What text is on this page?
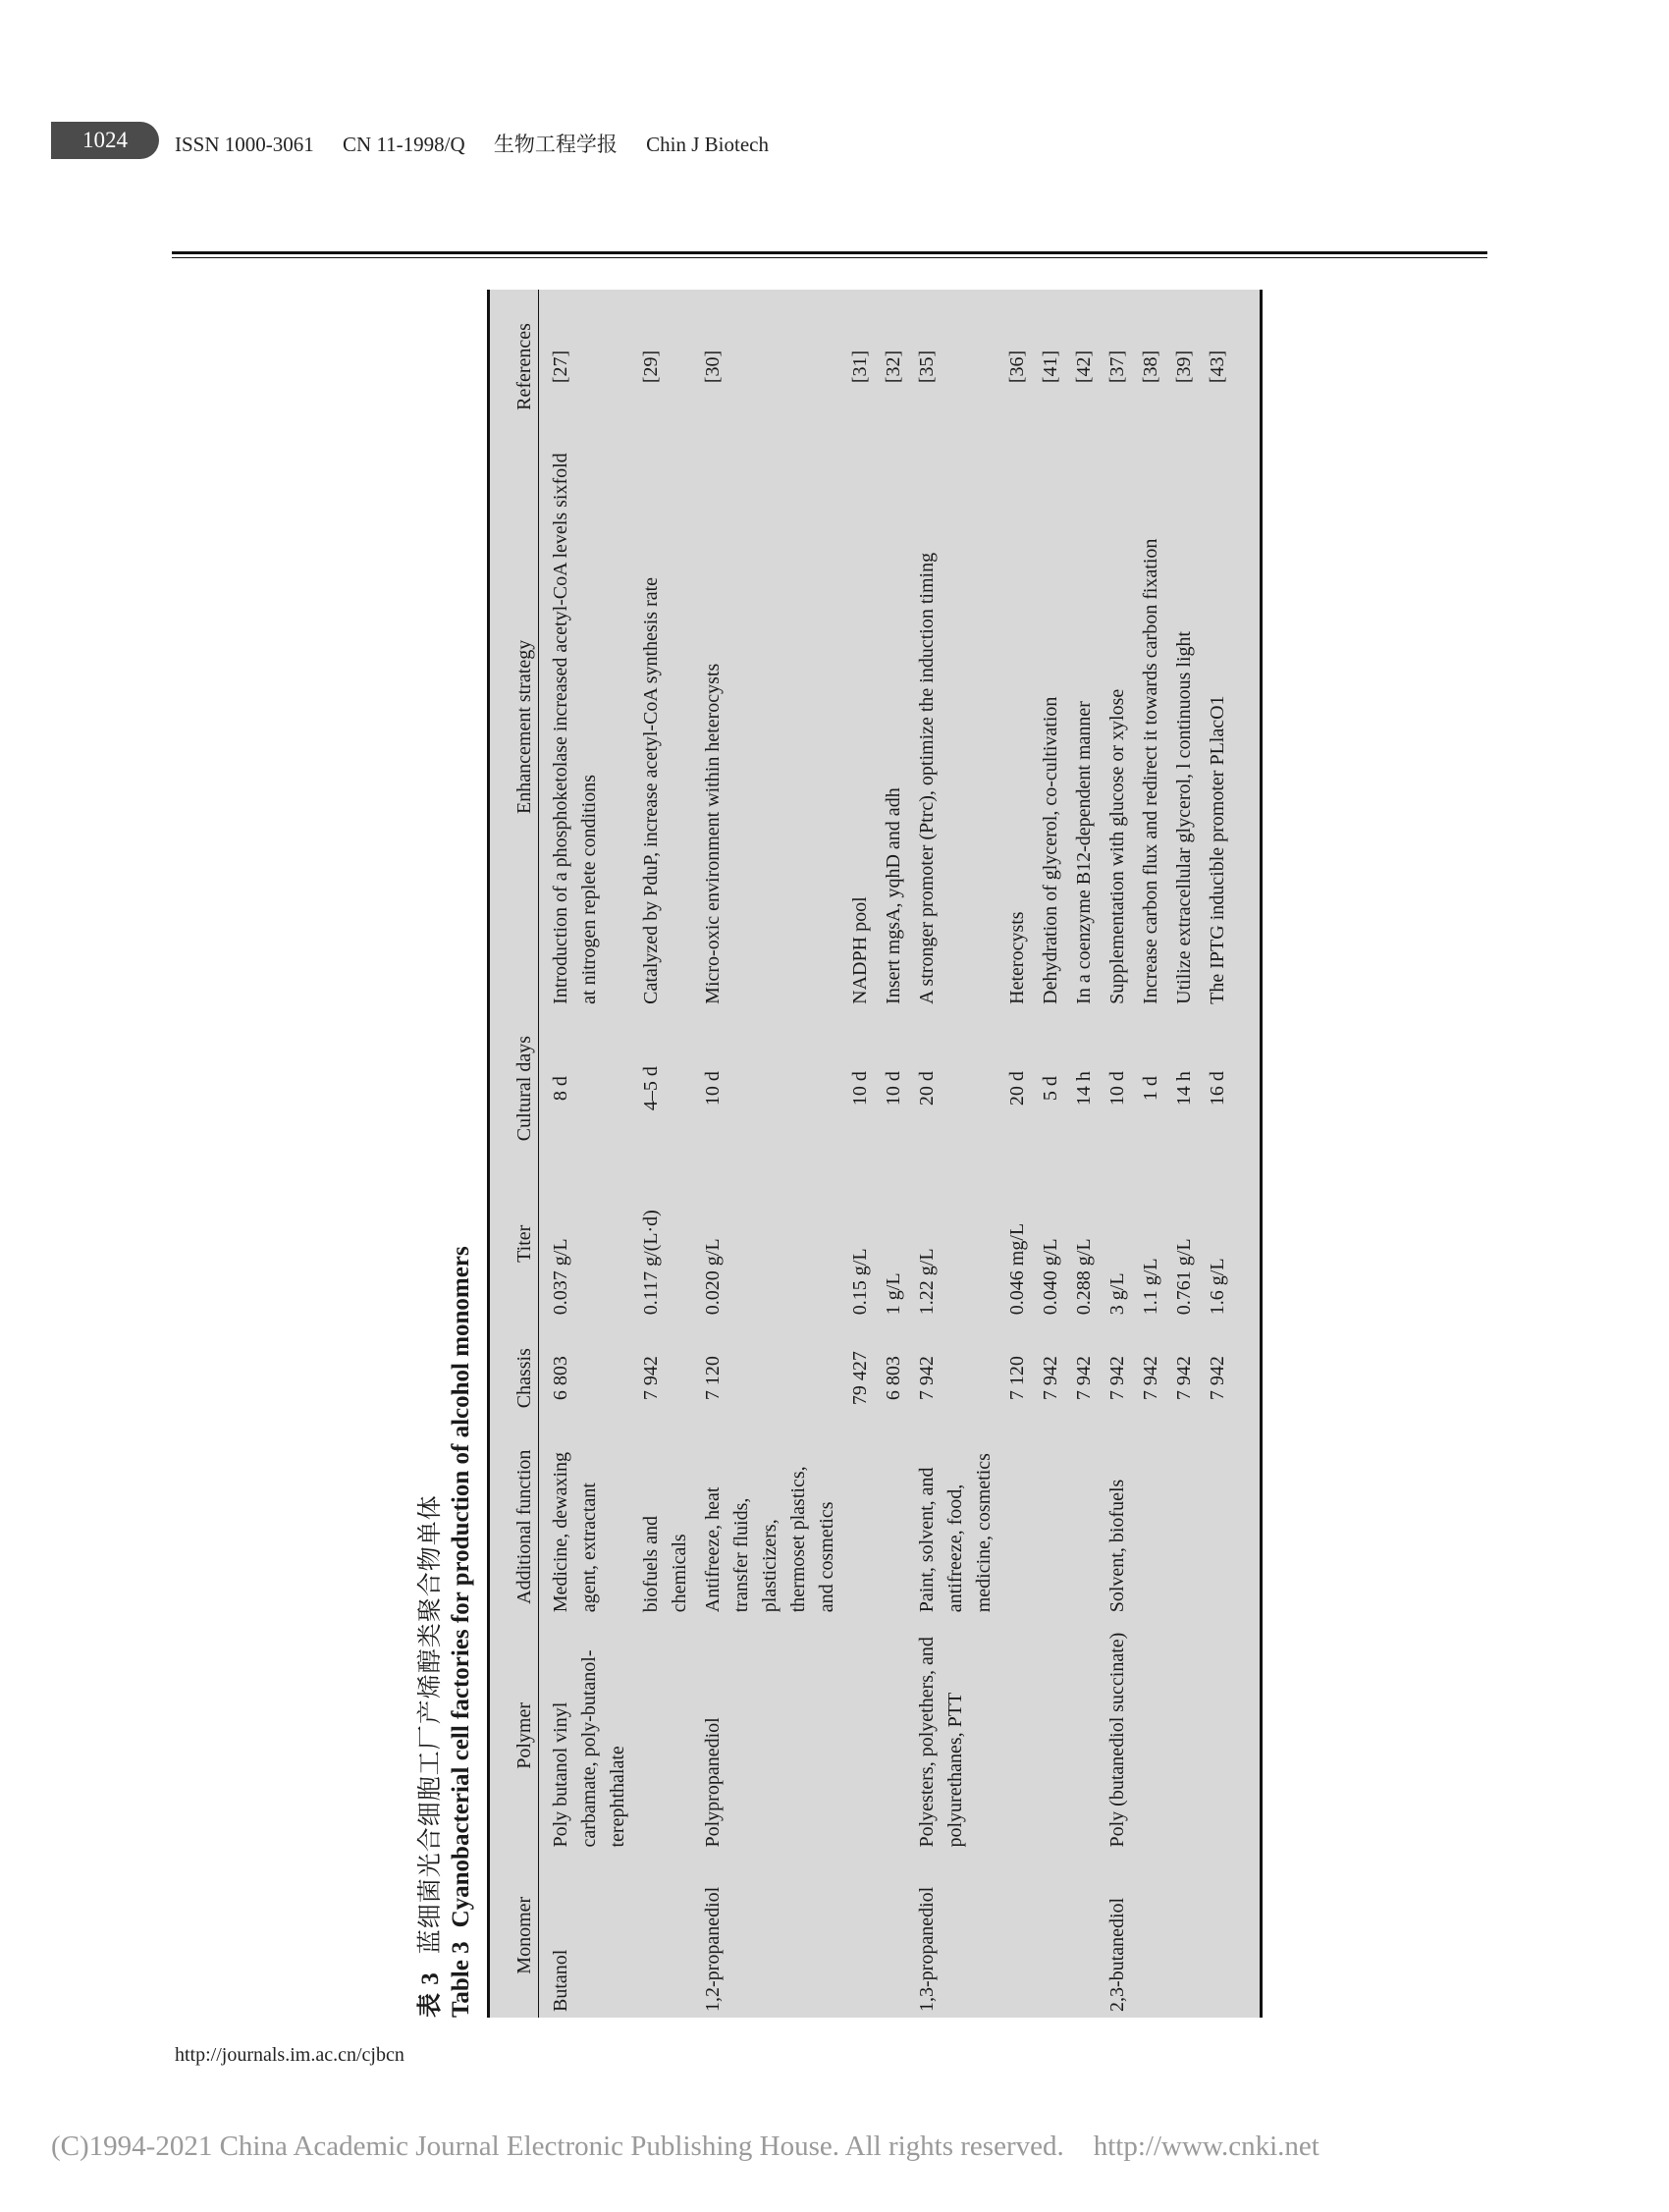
1024	ISSN 1000-3061 CN 11-1998/Q 生物工程学报 Chin J Biotech
表 3蓝细菌光合细胞工厂产烯醇类聚合物单体
Table 3Cyanobacterial cell factories for production of alcohol monomers
Monomer	Polymer	Additional function	Chassis	Titer	Cultural days	Enhancement strategy	References
Butanol	Poly butanol vinyl carbamate, poly-butanol-terephthalate	Medicine, dewaxing agent, extractant	6 803	0.037 g/L	8 d	Introduction of a phosphoketolase increased acetyl-CoA levels sixfold at nitrogen replete conditions	[27]
		biofuels and chemicals	7 942	0.117 g/(L·d)	4–5 d	Catalyzed by PduP, increase acetyl-CoA synthesis rate	[29]
1,2-propanediol	Polypropanediol	Antifreeze, heat transfer fluids, plasticizers, thermoset plastics, and cosmetics	7 120	0.020 g/L	10 d	Micro-oxic environment within heterocysts	[30]
			79 427	0.15 g/L	10 d	NADPH pool	[31]
			6 803	1 g/L	10 d	Insert mgsA, yqhD and adh	[32]
1,3-propanediol	Polyesters, polyethers, and polyurethanes, PTT	Paint, solvent, and antifreeze, food, medicine, cosmetics	7 942	1.22 g/L	20 d	A stronger promoter (Ptrc), optimize the induction timing	[35]
			7 120	0.046 mg/L	20 d	Heterocysts	[36]
			7 942	0.040 g/L	5 d	Dehydration of glycerol, co-cultivation	[41]
			7 942	0.288 g/L	14 h	In a coenzyme B12-dependent manner	[42]
2,3-butanediol	Poly (butanediol succinate)	Solvent, biofuels	7 942	3 g/L	10 d	Supplementation with glucose or xylose	[37]
			7 942	1.1 g/L	1 d	Increase carbon flux and redirect it towards carbon fixation	[38]
			7 942	0.761 g/L	14 h	Utilize extracellular glycerol, l continuous light	[39]
			7 942	1.6 g/L	16 d	The IPTG inducible promoter PLlacO1	[43]
http://journals.im.ac.cn/cjbcn
(C)1994-2021 China Academic Journal Electronic Publishing House. All rights reserved. http://www.cnki.net
